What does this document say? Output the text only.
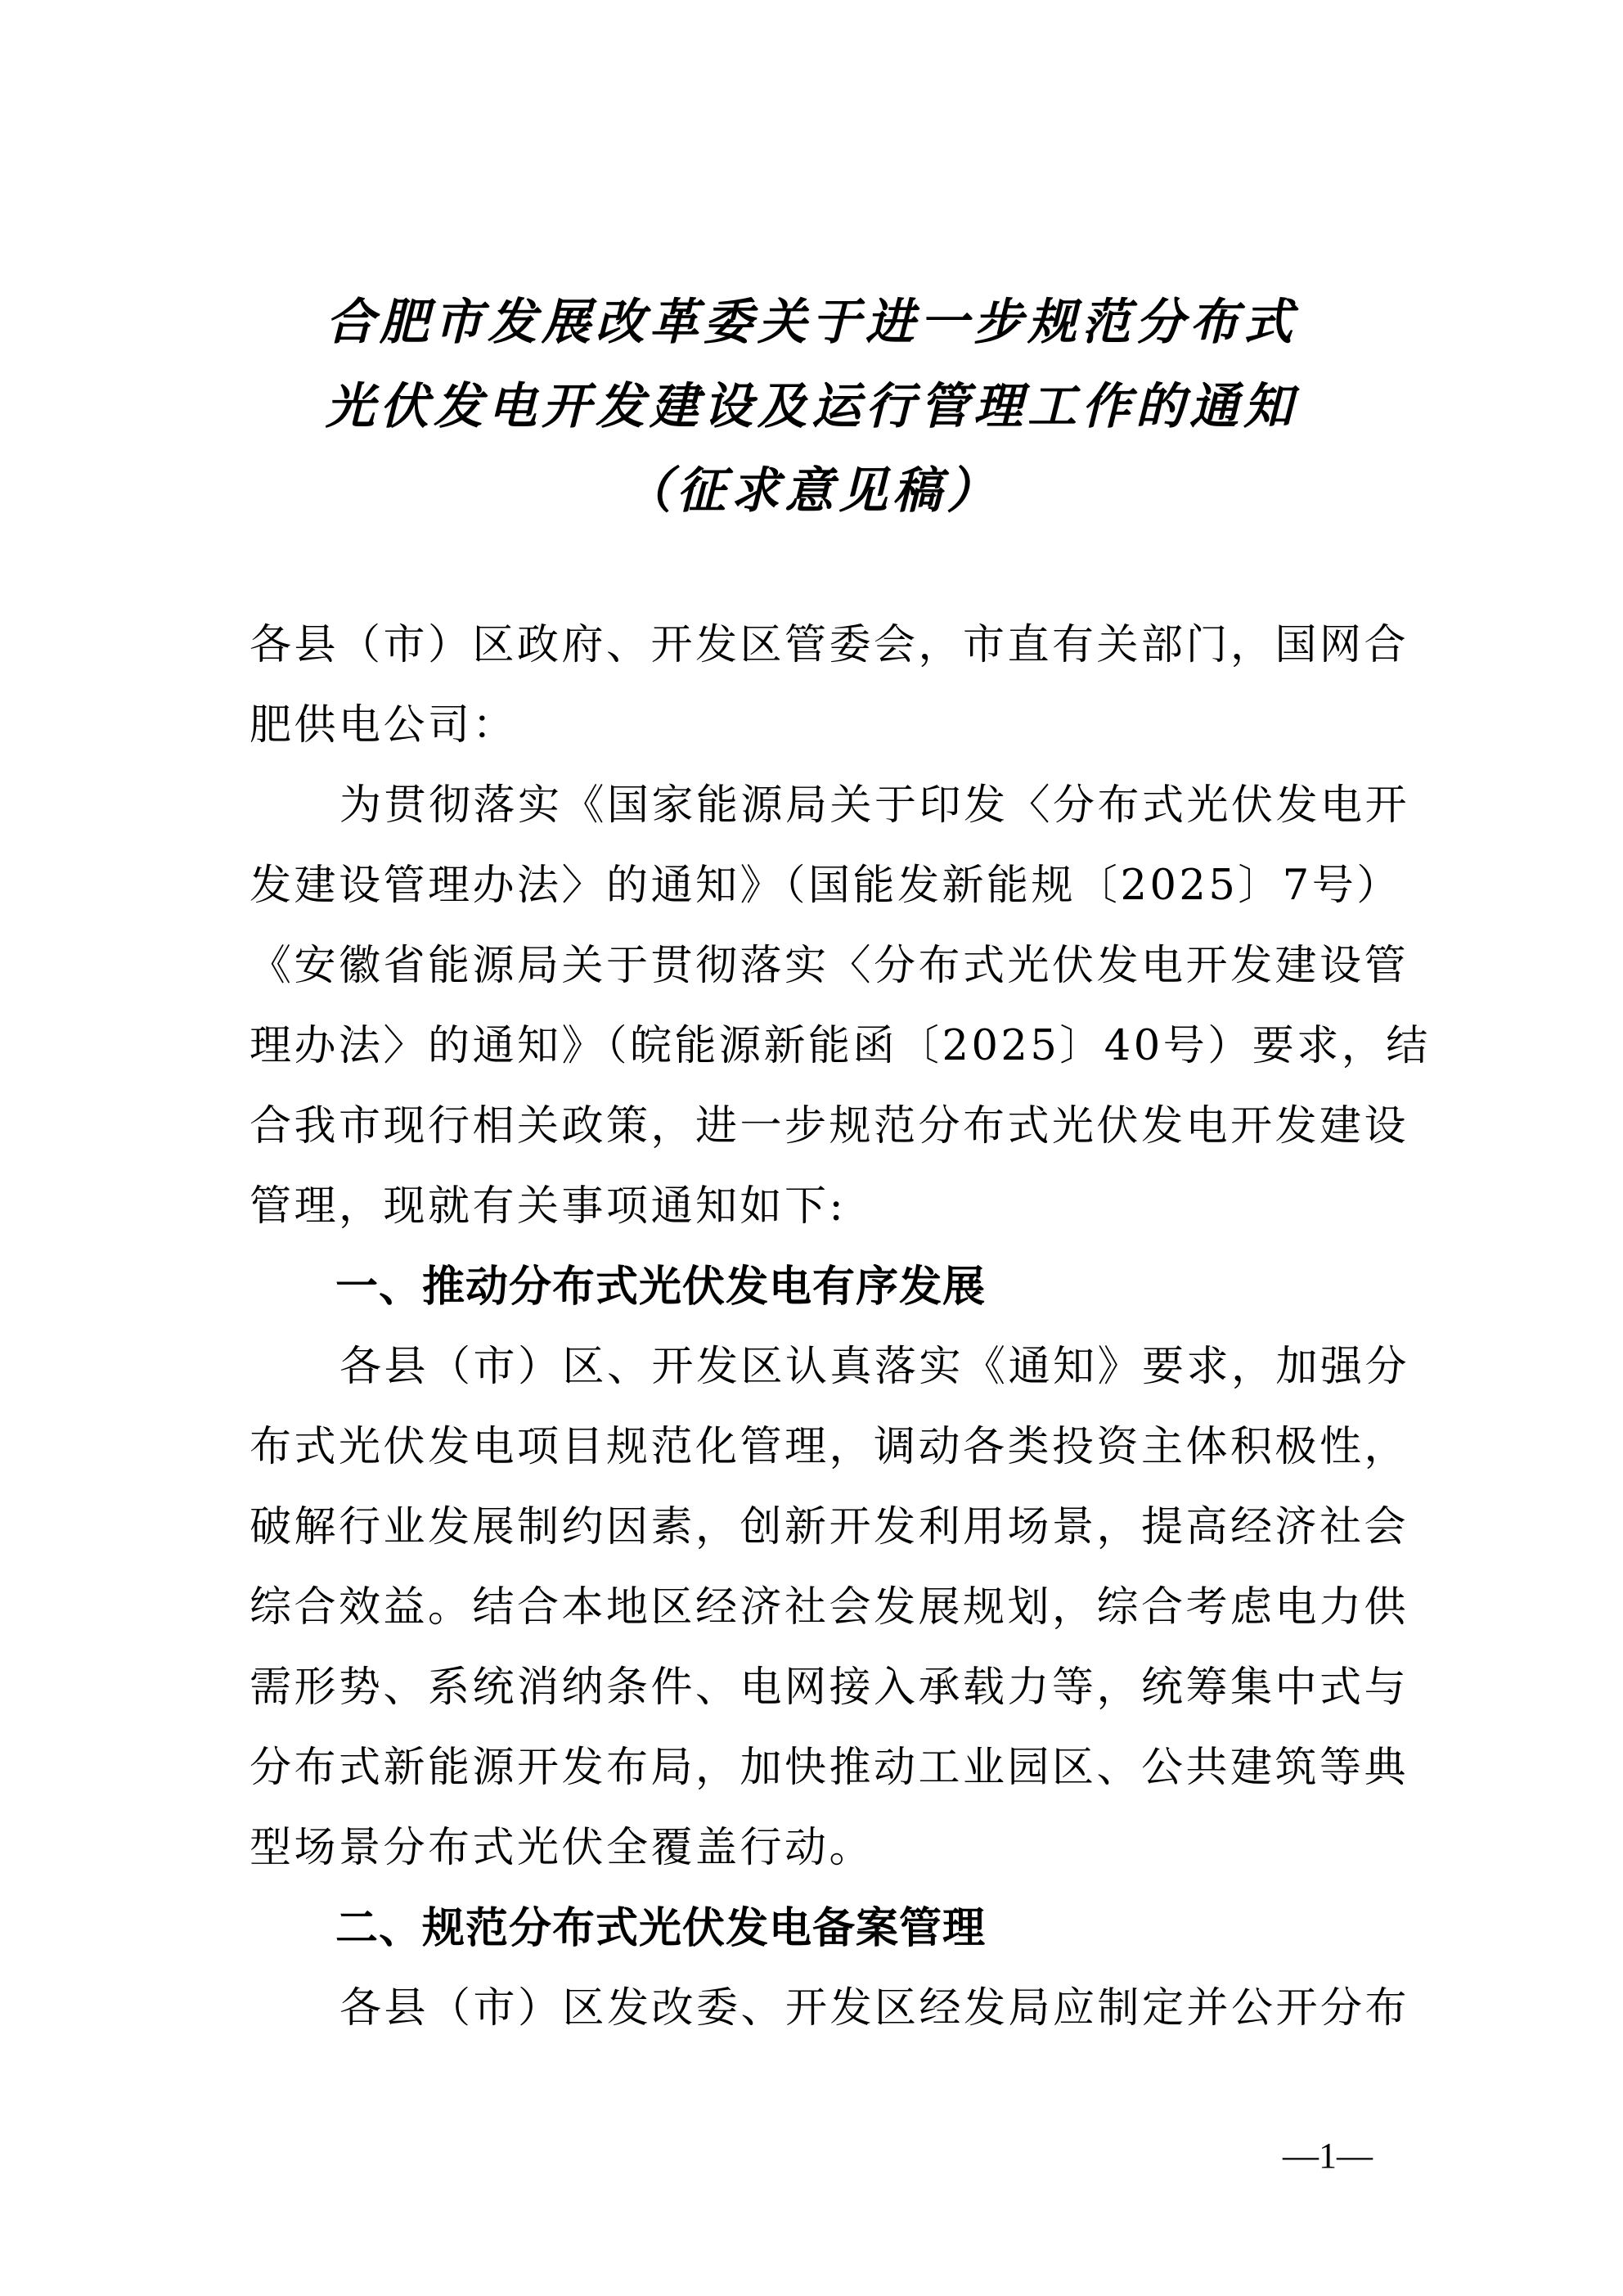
合肥市发展改革委关于进一步规范分布式
光伏发电开发建设及运行管理工作的通知
（征求意见稿）

各县（市）区政府、开发区管委会，市直有关部门，国网合
肥供电公司：

为贯彻落实《国家能源局关于印发〈分布式光伏发电开
发建设管理办法〉的通知》（国能发新能规〔2025〕7号）
《安徽省能源局关于贯彻落实〈分布式光伏发电开发建设管
理办法〉的通知》（皖能源新能函〔2025〕40号）要求，结
合我市现行相关政策，进一步规范分布式光伏发电开发建设
管理，现就有关事项通知如下:

一、推动分布式光伏发电有序发展

各县（市）区、开发区认真落实《通知》要求，加强分
布式光伏发电项目规范化管理，调动各类投资主体积极性，
破解行业发展制约因素，创新开发利用场景，提高经济社会
综合效益。结合本地区经济社会发展规划，综合考虑电力供
需形势、系统消纳条件、电网接入承载力等，统筹集中式与
分布式新能源开发布局，加快推动工业园区、公共建筑等典
型场景分布式光伏全覆盖行动。

二、规范分布式光伏发电备案管理

各县（市）区发改委、开发区经发局应制定并公开分布

—1—
